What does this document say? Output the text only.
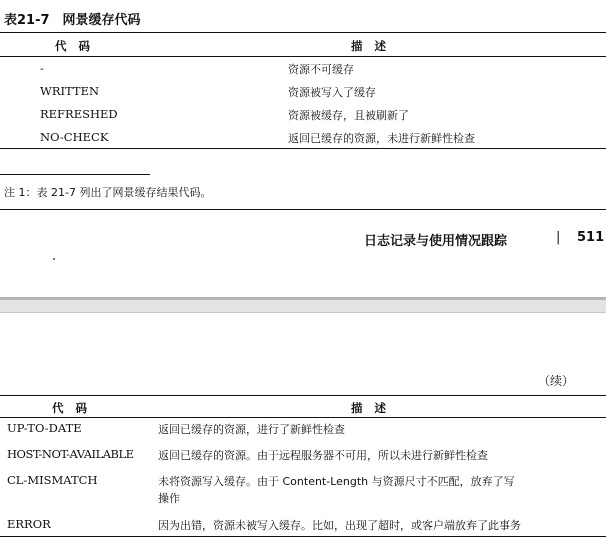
表21-7　网景缓存代码
代码	描述
-	资源不可缓存
WRITTEN	资源被写入了缓存
REFRESHED	资源被缓存，且被刷新了
NO-CHECK	返回已缓存的资源，未进行新鲜性检查
注 1：表 21-7 列出了网景缓存结果代码。
日志记录与使用情况跟踪	| 511
（续）
代码	描述
UP-TO-DATE	返回已缓存的资源，进行了新鲜性检查
HOST-NOT-AVAILABLE 返回已缓存的资源。由于远程服务器不可用，所以未进行新鲜性检查
CL-MISMATCH	未将资源写入缓存。由于 Content-Length 与资源尺寸不匹配，放弃了写
操作
ERROR	因为出错，资源未被写入缓存。比如，出现了超时，或客户端放弃了此事务
